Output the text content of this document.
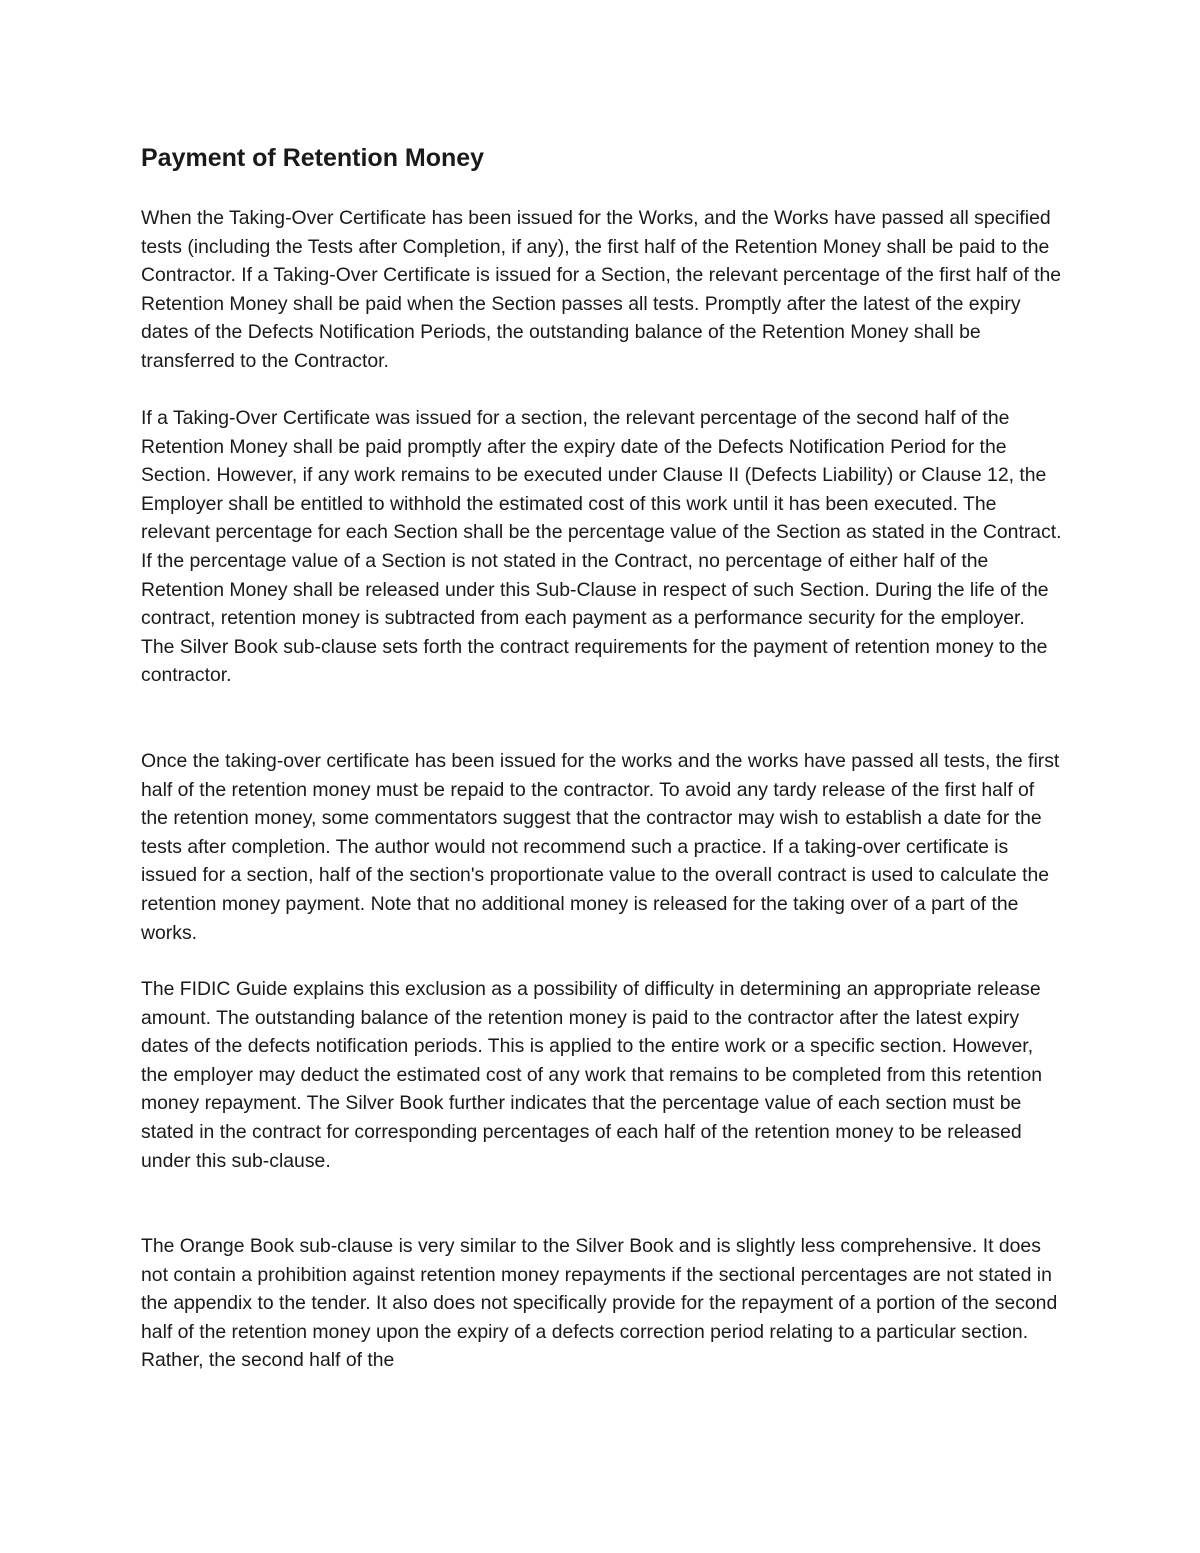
Payment of Retention Money

When the Taking-Over Certificate has been issued for the Works, and the Works have passed all specified tests (including the Tests after Completion, if any), the first half of the Retention Money shall be paid to the Contractor. If a Taking-Over Certificate is issued for a Section, the relevant percentage of the first half of the Retention Money shall be paid when the Section passes all tests. Promptly after the latest of the expiry dates of the Defects Notification Periods, the outstanding balance of the Retention Money shall be transferred to the Contractor.

If a Taking-Over Certificate was issued for a section, the relevant percentage of the second half of the Retention Money shall be paid promptly after the expiry date of the Defects Notification Period for the Section. However, if any work remains to be executed under Clause II (Defects Liability) or Clause 12, the Employer shall be entitled to withhold the estimated cost of this work until it has been executed. The relevant percentage for each Section shall be the percentage value of the Section as stated in the Contract. If the percentage value of a Section is not stated in the Contract, no percentage of either half of the Retention Money shall be released under this Sub-Clause in respect of such Section. During the life of the contract, retention money is subtracted from each payment as a performance security for the employer. The Silver Book sub-clause sets forth the contract requirements for the payment of retention money to the contractor.

Once the taking-over certificate has been issued for the works and the works have passed all tests, the first half of the retention money must be repaid to the contractor. To avoid any tardy release of the first half of the retention money, some commentators suggest that the contractor may wish to establish a date for the tests after completion. The author would not recommend such a practice. If a taking-over certificate is issued for a section, half of the section's proportionate value to the overall contract is used to calculate the retention money payment. Note that no additional money is released for the taking over of a part of the works.

The FIDIC Guide explains this exclusion as a possibility of difficulty in determining an appropriate release amount. The outstanding balance of the retention money is paid to the contractor after the latest expiry dates of the defects notification periods. This is applied to the entire work or a specific section. However, the employer may deduct the estimated cost of any work that remains to be completed from this retention money repayment. The Silver Book further indicates that the percentage value of each section must be stated in the contract for corresponding percentages of each half of the retention money to be released under this sub-clause.

The Orange Book sub-clause is very similar to the Silver Book and is slightly less comprehensive. It does not contain a prohibition against retention money repayments if the sectional percentages are not stated in the appendix to the tender. It also does not specifically provide for the repayment of a portion of the second half of the retention money upon the expiry of a defects correction period relating to a particular section. Rather, the second half of the
